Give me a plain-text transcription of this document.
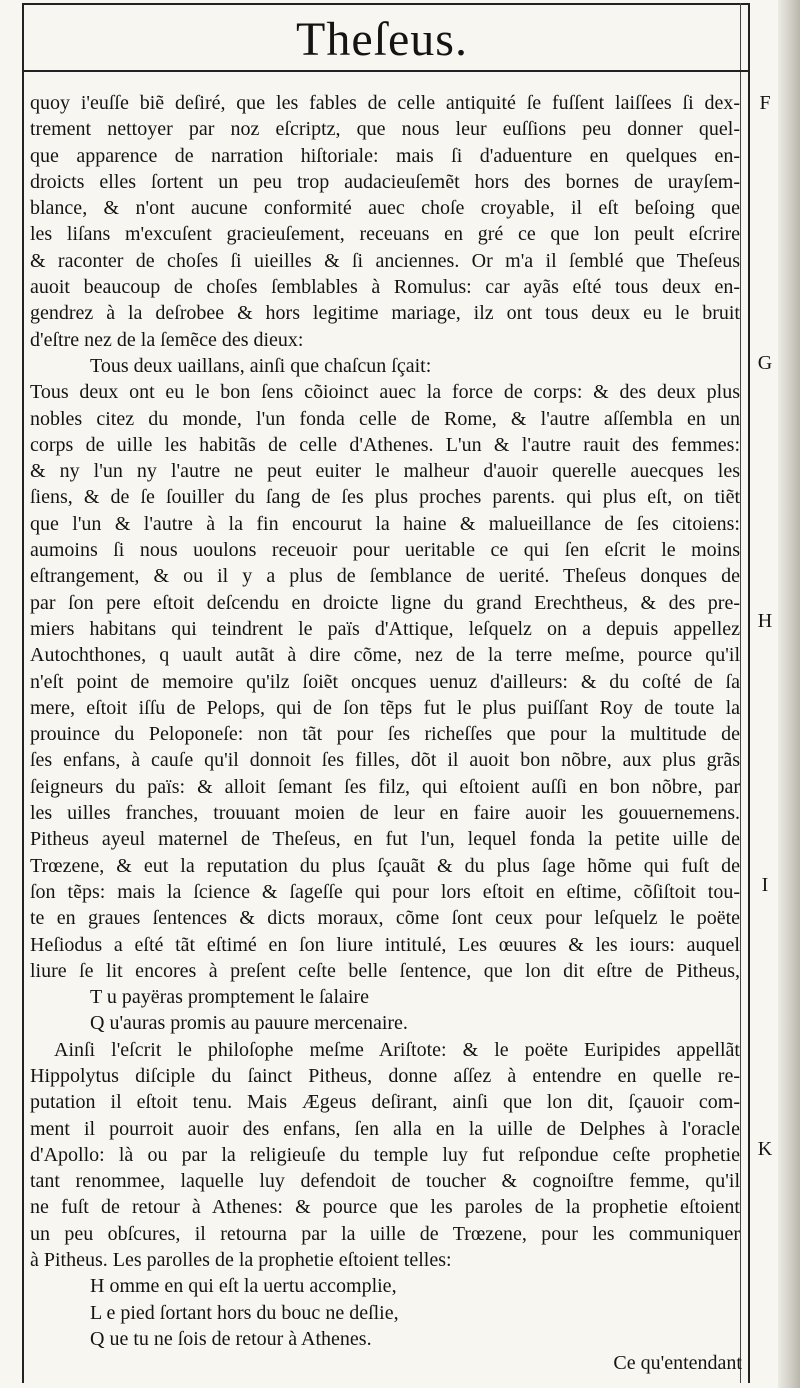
Theſeus.
F
G
H
I
K
quoy i'euſſe biẽ deſiré, que les fables de celle antiquité ſe fuſſent laiſſees ſi dex-
trement nettoyer par noz eſcriptz, que nous leur euſſions peu donner quel-
que apparence de narration hiſtoriale: mais ſi d'aduenture en quelques en-
droicts elles ſortent un peu trop audacieuſemẽt hors des bornes de urayſem-
blance, & n'ont aucune conformité auec choſe croyable, il eſt beſoing que
les liſans m'excuſent gracieuſement, receuans en gré ce que lon peult eſcrire
& raconter de choſes ſi uieilles & ſi anciennes. Or m'a il ſemblé que Theſeus
auoit beaucoup de choſes ſemblables à Romulus: car ayãs eſté tous deux en-
gendrez à la deſrobee & hors legitime mariage, ilz ont tous deux eu le bruit
d'eſtre nez de la ſemẽce des dieux:
Tous deux uaillans, ainſi que chaſcun ſçait:
Tous deux ont eu le bon ſens cõioinct auec la force de corps: & des deux plus
nobles citez du monde, l'un fonda celle de Rome, & l'autre aſſembla en un
corps de uille les habitãs de celle d'Athenes. L'un & l'autre rauit des femmes:
& ny l'un ny l'autre ne peut euiter le malheur d'auoir querelle auecques les
ſiens, & de ſe ſouiller du ſang de ſes plus proches parents. qui plus eſt, on tiẽt
que l'un & l'autre à la fin encourut la haine & malueillance de ſes citoiens:
aumoins ſi nous uoulons receuoir pour ueritable ce qui ſen eſcrit le moins
eſtrangement, & ou il y a plus de ſemblance de uerité. Theſeus donques de
par ſon pere eſtoit deſcendu en droicte ligne du grand Erechtheus, & des pre-
miers habitans qui teindrent le païs d'Attique, leſquelz on a depuis appellez
Autochthones, q uault autãt à dire cõme, nez de la terre meſme, pource qu'il
n'eſt point de memoire qu'ilz ſoiẽt oncques uenuz d'ailleurs: & du coſté de ſa
mere, eſtoit iſſu de Pelops, qui de ſon tẽps fut le plus puiſſant Roy de toute la
prouince du Peloponeſe: non tãt pour ſes richeſſes que pour la multitude de
ſes enfans, à cauſe qu'il donnoit ſes filles, dõt il auoit bon nõbre, aux plus grãs
ſeigneurs du païs: & alloit ſemant ſes filz, qui eſtoient auſſi en bon nõbre, par
les uilles franches, trouuant moien de leur en faire auoir les gouuernemens.
Pitheus ayeul maternel de Theſeus, en fut l'un, lequel fonda la petite uille de
Trœzene, & eut la reputation du plus ſçauãt & du plus ſage hõme qui fuſt de
ſon tẽps: mais la ſcience & ſageſſe qui pour lors eſtoit en eſtime, cõſiſtoit tou-
te en graues ſentences & dicts moraux, cõme ſont ceux pour leſquelz le poëte
Heſiodus a eſté tãt eſtimé en ſon liure intitulé, Les œuures & les iours: auquel
liure ſe lit encores à preſent ceſte belle ſentence, que lon dit eſtre de Pitheus,
T u payëras promptement le ſalaire
Q u'auras promis au pauure mercenaire.
Ainſi l'eſcrit le philoſophe meſme Ariſtote: & le poëte Euripides appellãt
Hippolytus diſciple du ſainct Pitheus, donne aſſez à entendre en quelle re-
putation il eſtoit tenu. Mais Ægeus deſirant, ainſi que lon dit, ſçauoir com-
ment il pourroit auoir des enfans, ſen alla en la uille de Delphes à l'oracle
d'Apollo: là ou par la religieuſe du temple luy fut reſpondue ceſte prophetie
tant renommee, laquelle luy defendoit de toucher & cognoiſtre femme, qu'il
ne fuſt de retour à Athenes: & pource que les paroles de la prophetie eſtoient
un peu obſcures, il retourna par la uille de Trœzene, pour les communiquer
à Pitheus. Les parolles de la prophetie eſtoient telles:
H omme en qui eſt la uertu accomplie,
L e pied ſortant hors du bouc ne deſlie,
Q ue tu ne ſois de retour à Athenes.
Ce qu'entendant
